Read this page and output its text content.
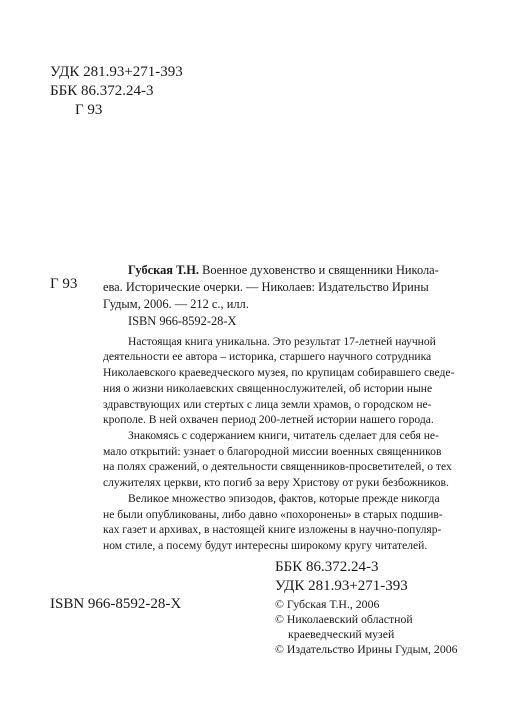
УДК 281.93+271-393
ББК 86.372.24-3
Г 93
Г 93
Губская Т.Н. Военное духовенство и священники Никола-
ева. Исторические очерки. — Николаев: Издательство Ирины
Гудым, 2006. — 212 с., илл.
ISBN 966-8592-28-X
Настоящая книга уникальна. Это результат 17-летней научной
деятельности ее автора – историка, старшего научного сотрудника
Николаевского краеведческого музея, по крупицам собиравшего сведе-
ния о жизни николаевских священнослужителей, об истории ныне
здравствующих или стертых с лица земли храмов, о городском не-
крополе. В ней охвачен период 200-летней истории нашего города.
Знакомясь с содержанием книги, читатель сделает для себя не-
мало открытий: узнает о благородной миссии военных священников
на полях сражений, о деятельности священников-просветителей, о тех
служителях церкви, кто погиб за веру Христову от руки безбожников.
Великое множество эпизодов, фактов, которые прежде никогда
не были опубликованы, либо давно «похоронены» в старых подшив-
ках газет и архивах, в настоящей книге изложены в научно-популяр-
ном стиле, а посему будут интересны широкому кругу читателей.
ББК 86.372.24-3
УДК 281.93+271-393
ISBN 966-8592-28-X	© Губская Т.Н., 2006
© Николаевский областной
краеведческий музей
© Издательство Ирины Гудым, 2006
